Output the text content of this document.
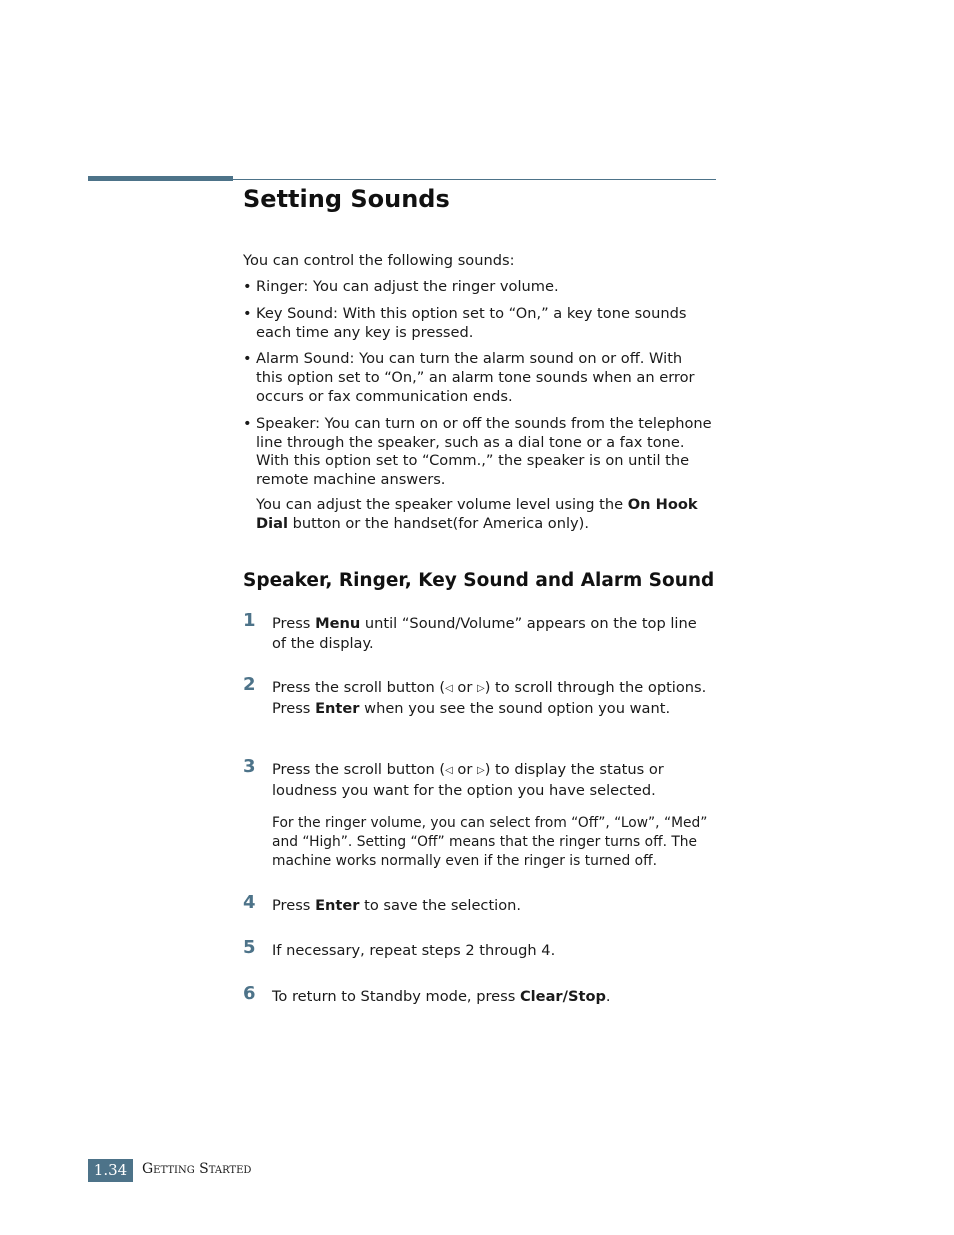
Setting Sounds
You can control the following sounds:
• Ringer: You can adjust the ringer volume.
• Key Sound: With this option set to “On,” a key tone sounds each time any key is pressed.
• Alarm Sound: You can turn the alarm sound on or off. With this option set to “On,” an alarm tone sounds when an error occurs or fax communication ends.
• Speaker: You can turn on or off the sounds from the telephone line through the speaker, such as a dial tone or a fax tone. With this option set to “Comm.,” the speaker is on until the remote machine answers.
You can adjust the speaker volume level using the On Hook Dial button or the handset(for America only).
Speaker, Ringer, Key Sound and Alarm Sound
1 Press Menu until “Sound/Volume” appears on the top line of the display.
2 Press the scroll button (◁ or ▷) to scroll through the options. Press Enter when you see the sound option you want.
3 Press the scroll button (◁ or ▷) to display the status or loudness you want for the option you have selected.
For the ringer volume, you can select from “Off”, “Low”, “Med” and “High”. Setting “Off” means that the ringer turns off. The machine works normally even if the ringer is turned off.
4 Press Enter to save the selection.
5 If necessary, repeat steps 2 through 4.
6 To return to Standby mode, press Clear/Stop.
1.34	Getting Started
